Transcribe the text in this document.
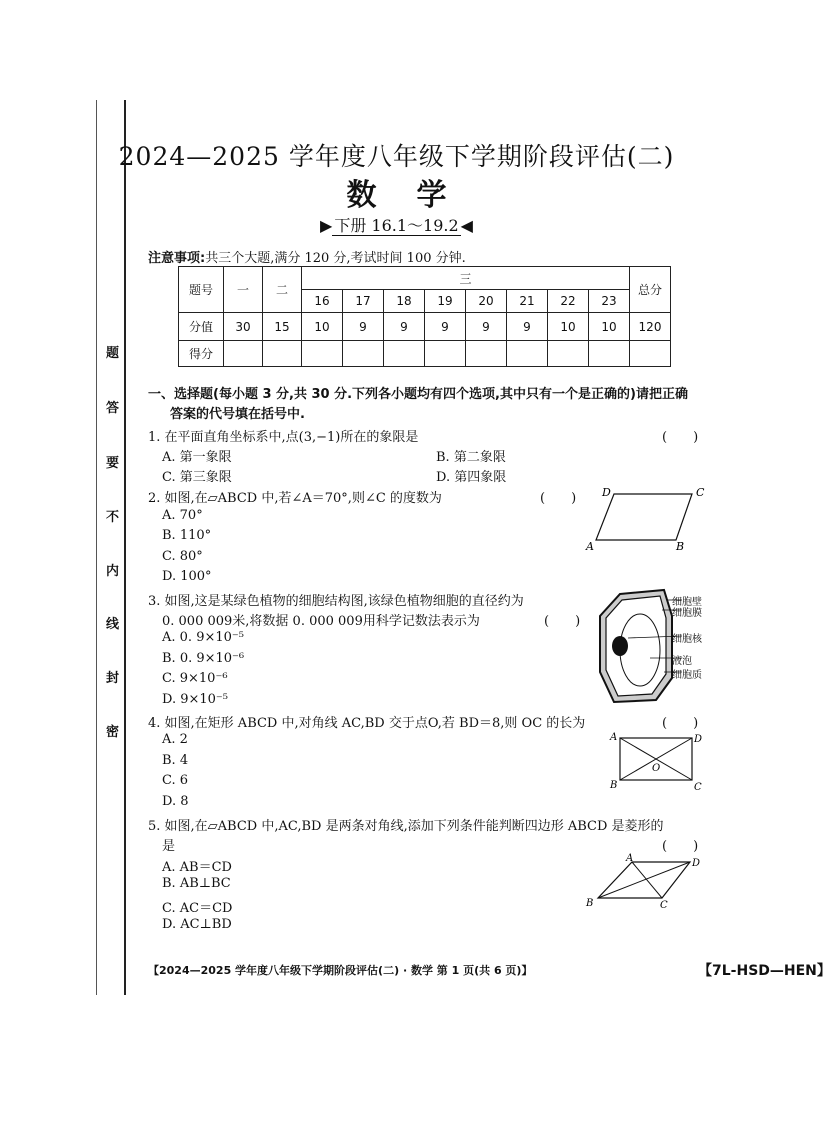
题
答
要
不
内
线
封
密
2024—2025 学年度八年级下学期阶段评估(二)
数学
▶ 下册 16.1～19.2 ◀
注意事项:共三个大题,满分 120 分,考试时间 100 分钟.
题号	一	二	三								总分
			16	17	18	19	20	21	22	23	
分值	30	15	10	9	9	9	9	9	10	10	120
得分											
一、选择题(每小题 3 分,共 30 分.下列各小题均有四个选项,其中只有一个是正确的)请把正确
答案的代号填在括号中.
1. 在平面直角坐标系中,点(3,−1)所在的象限是	(　　)
A. 第一象限	B. 第二象限
C. 第三象限	D. 第四象限
2. 如图,在▱ABCD 中,若∠A＝70°,则∠C 的度数为	(　　)
A. 70°
B. 110°
C. 80°
D. 100°
D	C
A	B
3. 如图,这是某绿色植物的细胞结构图,该绿色植物细胞的直径约为
0. 000 009米,将数据 0. 000 009用科学记数法表示为	(　　)
A. 0. 9×10⁻⁵
B. 0. 9×10⁻⁶
C. 9×10⁻⁶
D. 9×10⁻⁵
细胞壁
细胞膜
细胞核
液泡
细胞质
4. 如图,在矩形 ABCD 中,对角线 AC,BD 交于点O,若 BD＝8,则 OC 的长为	(　　)
A. 2
B. 4
C. 6
D. 8
A	D
B	C
O
5. 如图,在▱ABCD 中,AC,BD 是两条对角线,添加下列条件能判断四边形 ABCD 是菱形的
是	(　　)
A. AB＝CD
B. AB⊥BC
C. AC＝CD
D. AC⊥BD
A	D
B	C
【2024—2025 学年度八年级下学期阶段评估(二) · 数学 第 1 页(共 6 页)】	【7L-HSD—HEN】
